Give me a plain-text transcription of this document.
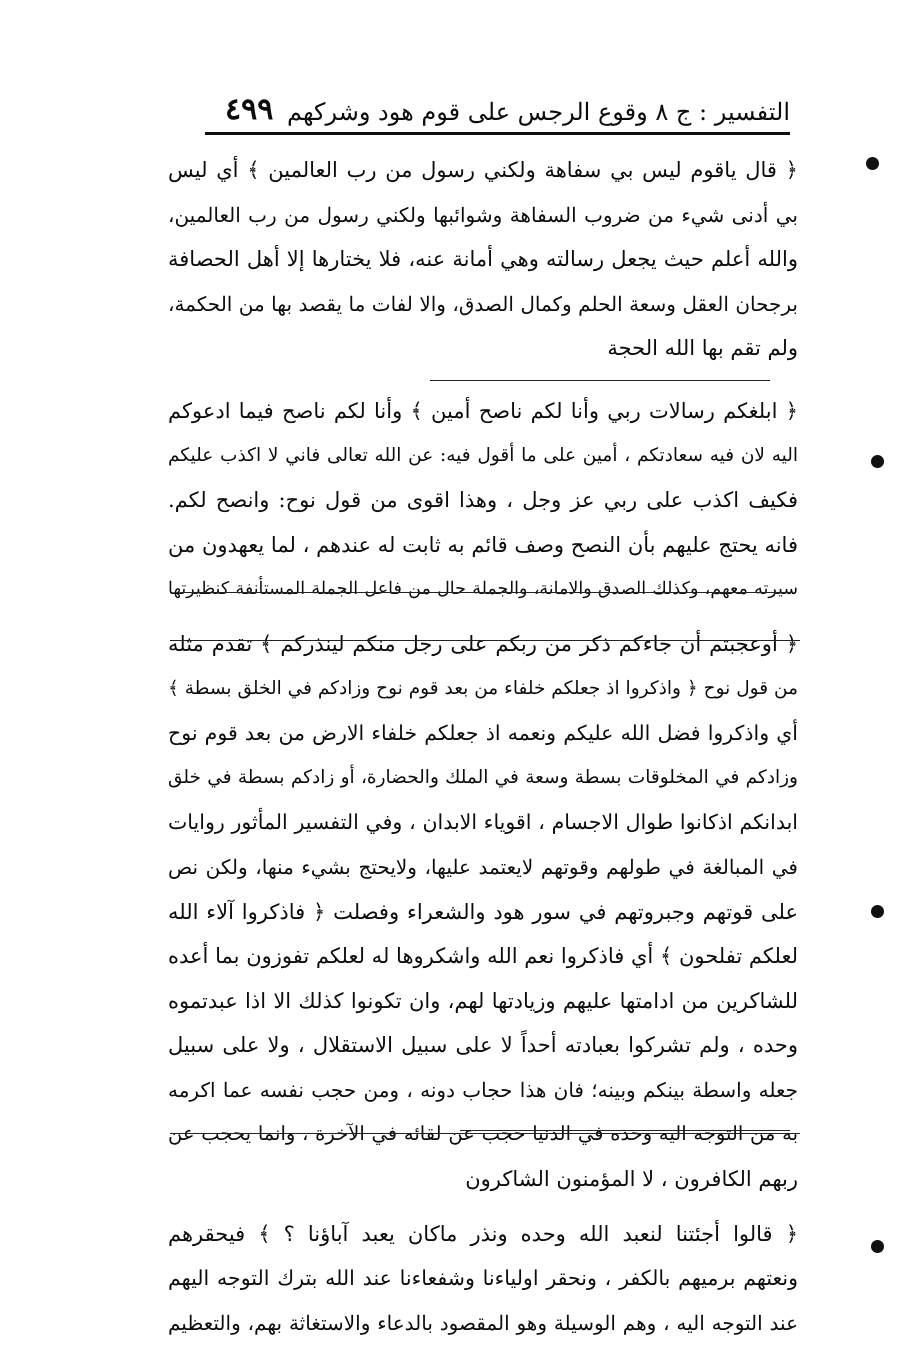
التفسير : ج ٨ وقوع الرجس على قوم هود وشركهم
٤٩٩
﴿ قال ياقوم ليس بي سفاهة ولكني رسول من رب العالمين ﴾ أي ليس
بي أدنى شيء من ضروب السفاهة وشوائبها ولكني رسول من رب العالمين،
والله أعلم حيث يجعل رسالته وهي أمانة عنه، فلا يختارها إلا أهل الحصافة
برجحان العقل وسعة الحلم وكمال الصدق، والا لفات ما يقصد بها من الحكمة،
ولم تقم بها الله الحجة
﴿ ابلغكم رسالات ربي وأنا لكم ناصح أمين ﴾ وأنا لكم ناصح فيما ادعوكم
اليه لان فيه سعادتكم ، أمين على ما أقول فيه: عن الله تعالى فاني لا اكذب عليكم
فكيف اكذب على ربي عز وجل ، وهذا اقوى من قول نوح: وانصح لكم.
فانه يحتج عليهم بأن النصح وصف قائم به ثابت له عندهم ، لما يعهدون من
سيرته معهم، وكذلك الصدق والامانة، والجملة حال من فاعل الجملة المستأنفة كنظيرتها
﴿ أوعجبتم أن جاءكم ذكر من ربكم على رجل منكم لينذركم ﴾ تقدم مثله
من قول نوح ﴿ واذكروا اذ جعلكم خلفاء من بعد قوم نوح وزادكم في الخلق بسطة ﴾
أي واذكروا فضل الله عليكم ونعمه اذ جعلكم خلفاء الارض من بعد قوم نوح
وزادكم في المخلوقات بسطة وسعة في الملك والحضارة، أو زادكم بسطة في خلق
ابدانكم اذكانوا طوال الاجسام ، اقوياء الابدان ، وفي التفسير المأثور روايات
في المبالغة في طولهم وقوتهم لايعتمد عليها، ولايحتج بشيء منها، ولكن نص
على قوتهم وجبروتهم في سور هود والشعراء وفصلت ﴿ فاذكروا آلاء الله
لعلكم تفلحون ﴾ أي فاذكروا نعم الله واشكروها له لعلكم تفوزون بما أعده
للشاكرين من ادامتها عليهم وزيادتها لهم، وان تكونوا كذلك الا اذا عبدتموه
وحده ، ولم تشركوا بعبادته أحداً لا على سبيل الاستقلال ، ولا على سبيل
جعله واسطة بينكم وبينه؛ فان هذا حجاب دونه ، ومن حجب نفسه عما اكرمه
به من التوجه اليه وحده في الدنيا حجب عن لقائه في الآخرة ، وانما يحجب عن
ربهم الكافرون ، لا المؤمنون الشاكرون
﴿ قالوا أجئتنا لنعبد الله وحده ونذر ماكان يعبد آباؤنا ؟ ﴾ فيحقرهم
ونعتهم برميهم بالكفر ، ونحقر اولياءنا وشفعاءنا عند الله بترك التوجه اليهم
عند التوجه اليه ، وهم الوسيلة وهو المقصود بالدعاء والاستغاثة بهم، والتعظيم
